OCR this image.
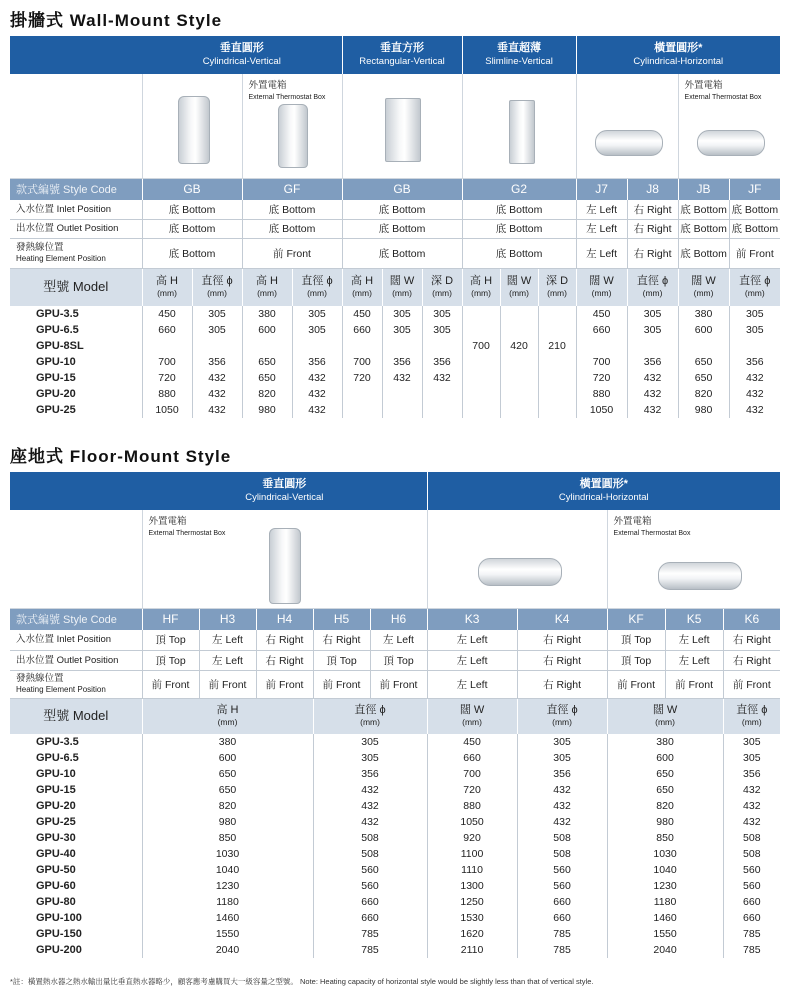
掛牆式 Wall-Mount Style

	垂直圓形
Cylindrical-Vertical				垂直方形
Rectangular-Vertical			垂直超薄
Slimline-Vertical			橫置圓形*
Cylindrical-Horizontal			

			外置電箱
External Thermostat Box										外置電箱
External Thermostat Box	

款式編號 Style Code	GB		GF		GB			G2			J7	J8	JB	JF
入水位置 Inlet Position	底 Bottom		底 Bottom		底 Bottom			底 Bottom			左 Left	右 Right	底 Bottom	底 Bottom
出水位置 Outlet Position	底 Bottom		底 Bottom		底 Bottom			底 Bottom			左 Left	右 Right	底 Bottom	底 Bottom
發熱線位置
Heating Element Position	底 Bottom		前 Front		底 Bottom			底 Bottom			左 Left	右 Right	底 Bottom	前 Front
型號 Model	高 H
(mm)	直徑 ϕ
(mm)	高 H
(mm)	直徑 ϕ
(mm)	高 H
(mm)	闊 W
(mm)	深 D
(mm)	高 H
(mm)	闊 W
(mm)	深 D
(mm)	闊 W
(mm)	直徑 ϕ
(mm)	闊 W
(mm)	直徑 ϕ
(mm)

GPU-3.5	450	305	380	305	450	305	305				450	305	380	305
GPU-6.5	660	305	600	305	660	305	305				660	305	600	305
GPU-8SL								700	420	210				
GPU-10	700	356	650	356	700	356	356				700	356	650	356
GPU-15	720	432	650	432	720	432	432				720	432	650	432
GPU-20	880	432	820	432							880	432	820	432
GPU-25	1050	432	980	432							1050	432	980	432
座地式 Floor-Mount Style

	垂直圓形
Cylindrical-Vertical					橫置圓形*
Cylindrical-Horizontal				

	外置電箱
External Thermostat Box							外置電箱
External Thermostat Box		

款式編號 Style Code	HF	H3	H4	H5	H6	K3	K4	KF	K5	K6
入水位置 Inlet Position	頂 Top	左 Left	右 Right	右 Right	左 Left	左 Left	右 Right	頂 Top	左 Left	右 Right
出水位置 Outlet Position	頂 Top	左 Left	右 Right	頂 Top	頂 Top	左 Left	右 Right	頂 Top	左 Left	右 Right
發熱線位置
Heating Element Position	前 Front	前 Front	前 Front	前 Front	前 Front	左 Left	右 Right	前 Front	前 Front	前 Front
型號 Model	高 H
(mm)			直徑 ϕ
(mm)		闊 W
(mm)	直徑 ϕ
(mm)	闊 W
(mm)		直徑 ϕ
(mm)

GPU-3.5	380			305		450	305	380		305
GPU-6.5	600			305		660	305	600		305
GPU-10	650			356		700	356	650		356
GPU-15	650			432		720	432	650		432
GPU-20	820			432		880	432	820		432
GPU-25	980			432		1050	432	980		432
GPU-30	850			508		920	508	850		508
GPU-40	1030			508		1100	508	1030		508
GPU-50	1040			560		1110	560	1040		560
GPU-60	1230			560		1300	560	1230		560
GPU-80	1180			660		1250	660	1180		660
GPU-100	1460			660		1530	660	1460		660
GPU-150	1550			785		1620	785	1550		785
GPU-200	2040			785		2110	785	2040		785
*註：橫置熱水器之熱水輸出量比垂直熱水器略少，顧客應考慮購買大一級容量之型號。 Note: Heating capacity of horizontal style would be slightly less than that of vertical style.
